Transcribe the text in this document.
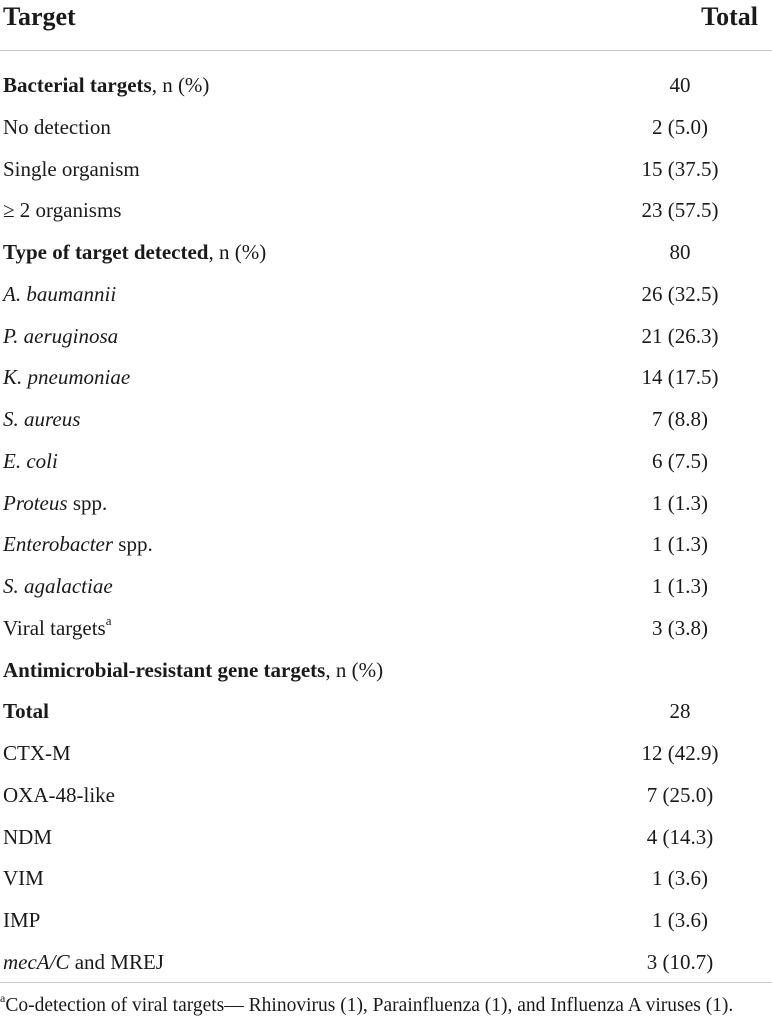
Target	Total
Bacterial targets, n (%)	40
No detection	2 (5.0)
Single organism	15 (37.5)
≥ 2 organisms	23 (57.5)
Type of target detected, n (%)	80
A. baumannii	26 (32.5)
P. aeruginosa	21 (26.3)
K. pneumoniae	14 (17.5)
S. aureus	7 (8.8)
E. coli	6 (7.5)
Proteus spp.	1 (1.3)
Enterobacter spp.	1 (1.3)
S. agalactiae	1 (1.3)
Viral targets$^a$	3 (3.8)
Antimicrobial-resistant gene targets, n (%)
Total	28
CTX-M	12 (42.9)
OXA-48-like	7 (25.0)
NDM	4 (14.3)
VIM	1 (3.6)
IMP	1 (3.6)
mecA/C and MREJ	3 (10.7)
$^a$Co-detection of viral targets— Rhinovirus (1), Parainfluenza (1), and Influenza A viruses (1).
